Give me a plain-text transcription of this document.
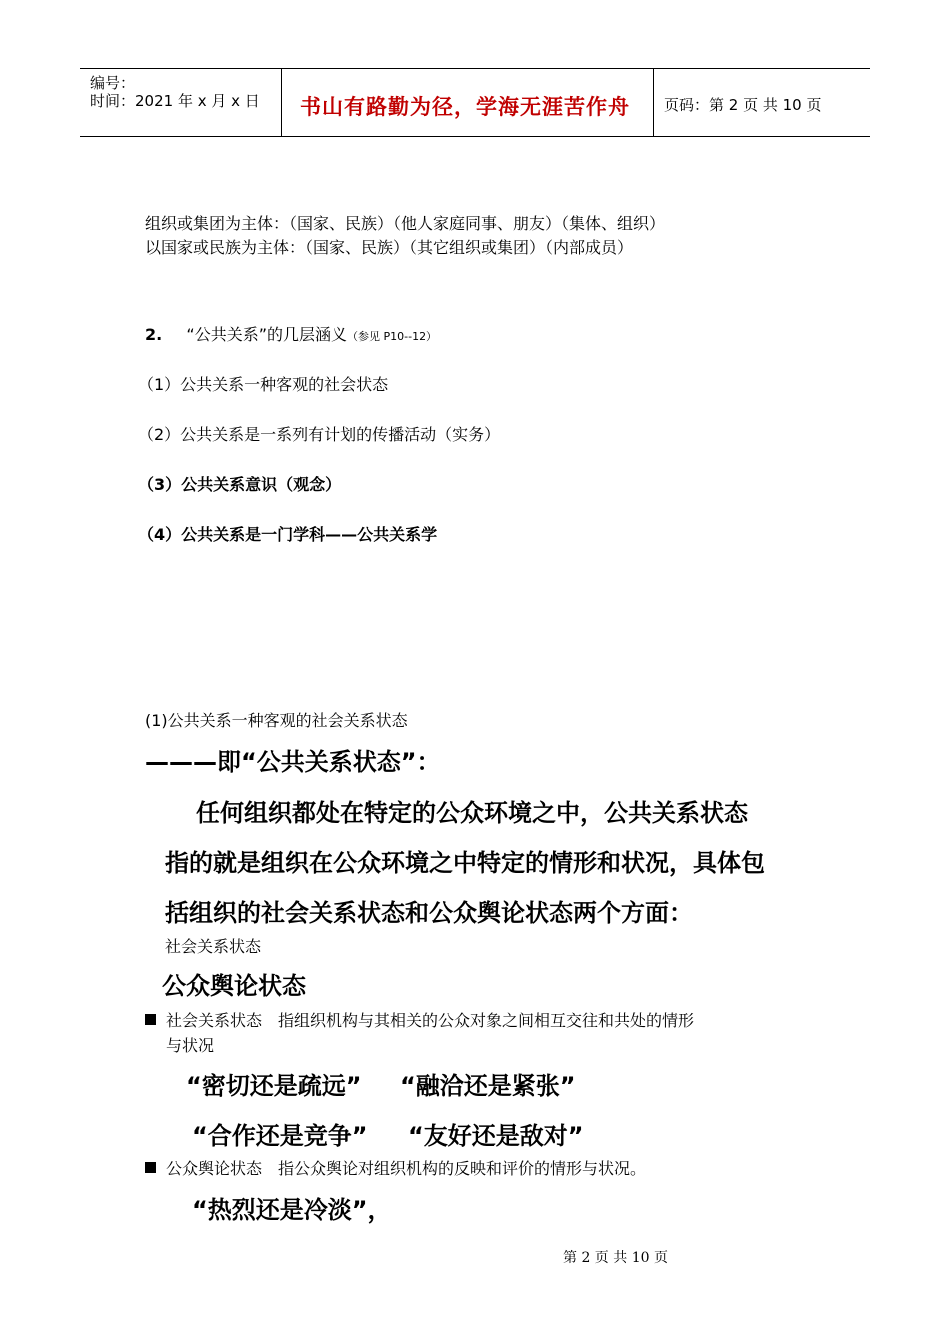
编号：
时间：2021 年 x 月 x 日 书山有路勤为径，学海无涯苦作舟 页码：第 2 页 共 10 页
组织或集团为主体：（国家、民族）（他人家庭同事、朋友）（集体、组织）
以国家或民族为主体：（国家、民族）（其它组织或集团）（内部成员）
2. “公共关系”的几层涵义（参见 P10--12）
（1）公共关系一种客观的社会状态
（2）公共关系是一系列有计划的传播活动（实务）
（3）公共关系意识（观念）
（4）公共关系是一门学科——公共关系学
(1)公共关系一种客观的社会关系状态
———即“公共关系状态”：
任何组织都处在特定的公众环境之中，公共关系状态
指的就是组织在公众环境之中特定的情形和状况，具体包
括组织的社会关系状态和公众舆论状态两个方面：
社会关系状态
公众舆论状态
社会关系状态　指组织机构与其相关的公众对象之间相互交往和共处的情形
与状况
“密切还是疏远” “融洽还是紧张”
“合作还是竞争” “友好还是敌对”
公众舆论状态　指公众舆论对组织机构的反映和评价的情形与状况。
“热烈还是冷淡”，
第 2 页 共 10 页
